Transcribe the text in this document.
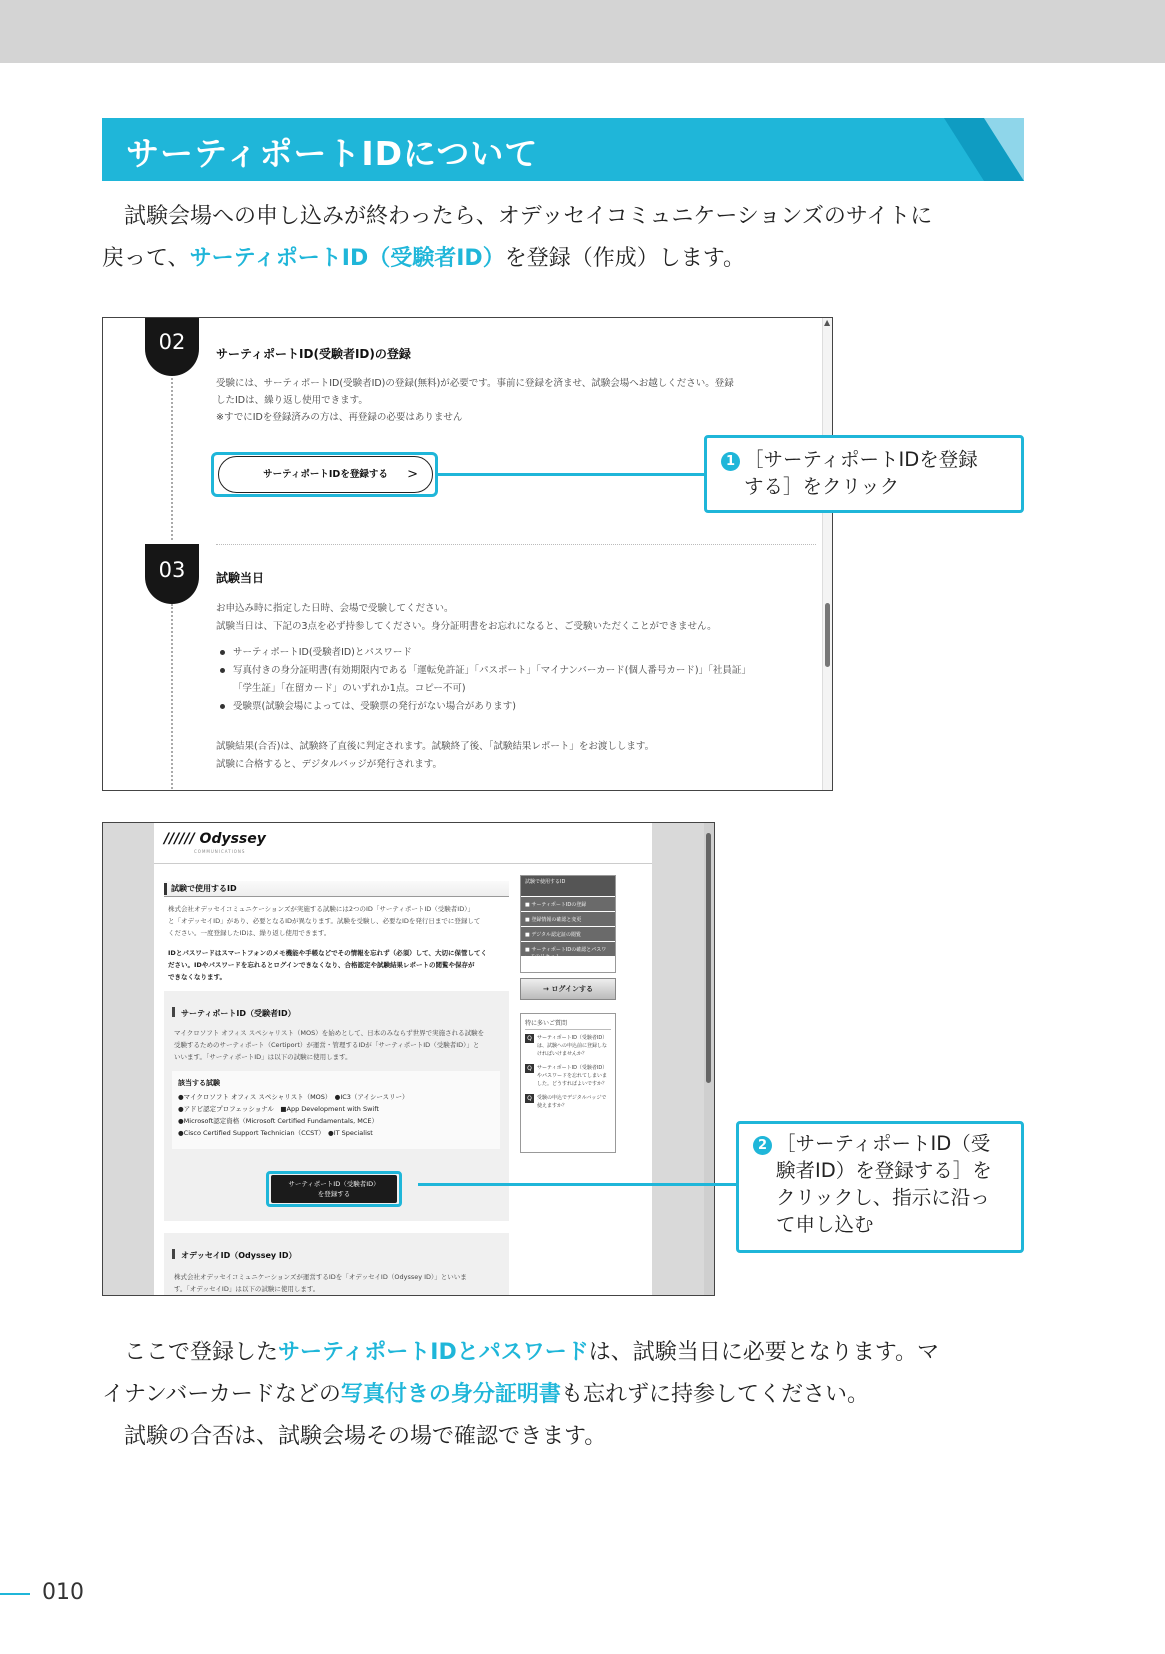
サーティポートIDについて
試験会場への申し込みが終わったら、オデッセイコミュニケーションズのサイトに
戻って、サーティポートID（受験者ID）を登録（作成）します。
02	サーティポートID(受験者ID)の登録
受験には、サーティポートID(受験者ID)の登録(無料)が必要です。事前に登録を済ませ、試験会場へお越しください。登録
したIDは、繰り返し使用できます。
※すでにIDを登録済みの方は、再登録の必要はありません
サーティポートIDを登録する >
03	試験当日
お申込み時に指定した日時、会場で受験してください。
試験当日は、下記の3点を必ず持参してください。身分証明書をお忘れになると、ご受験いただくことができません。
サーティポートID(受験者ID)とパスワード
写真付きの身分証明書(有効期限内である「運転免許証」「パスポート」「マイナンバーカード(個人番号カード)」「社員証」
「学生証」「在留カード」のいずれか1点。コピー不可)
受験票(試験会場によっては、受験票の発行がない場合があります)
試験結果(合否)は、試験終了直後に判定されます。試験終了後、「試験結果レポート」をお渡しします。
試験に合格すると、デジタルバッジが発行されます。
▲
1 ［サーティポートIDを登録
する］をクリック
////// Odyssey
COMMUNICATIONS
試験で使用するID
株式会社オデッセイコミュニケーションズが実施する試験には2つのID「サーティポートID（受験者ID）」
と「オデッセイID」があり、必要となるIDが異なります。試験を受験し、必要なIDを発行日までに登録して
ください。一度登録したIDは、繰り返し使用できます。
IDとパスワードはスマートフォンのメモ機能や手帳などでその情報を忘れず（必須）して、大切に保管してく
ださい。IDやパスワードを忘れるとログインできなくなり、合格認定や試験結果レポートの閲覧や保存が
できなくなります。
サーティポートID（受験者ID）
マイクロソフト オフィス スペシャリスト（MOS）を始めとして、日本のみならず世界で実施される試験を
受験するためのサーティポート（Certiport）が運営・管理するIDが「サーティポートID（受験者ID）」と
いいます。「サーティポートID」は以下の試験に使用します。
該当する試験
●マイクロソフト オフィス スペシャリスト（MOS）　●IC3（アイシースリー）
●アドビ認定プロフェッショナル　■App Development with Swift
●Microsoft認定資格（Microsoft Certified Fundamentals, MCE）
●Cisco Certified Support Technician（CCST）　●IT Specialist
サーティポートID（受験者ID）
を登録する
オデッセイID（Odyssey ID）
株式会社オデッセイコミュニケーションズが運営するIDを「オデッセイID（Odyssey ID）」といいま
す。「オデッセイID」は以下の試験に使用します。
試験で使用するID
■ サーティポートIDの登録
■ 登録情報の確認と変更
■ デジタル認定証の閲覧
■ サーティポートIDの確認とパスワードのリセット
→ ログインする
特に多いご質問
Q サーティポートID（受験者ID）は、試験への申込前に登録しなければいけませんか？
Q サーティポートID（受験者ID）やパスワードを忘れてしまいました。どうすればよいですか？
Q 受験の申込でデジタルバッジで使えますか？
2 ［サーティポートID（受
験者ID）を登録する］を
クリックし、指示に沿っ
て申し込む
ここで登録したサーティポートIDとパスワードは、試験当日に必要となります。マ
イナンバーカードなどの写真付きの身分証明書も忘れずに持参してください。
試験の合否は、試験会場その場で確認できます。
010
